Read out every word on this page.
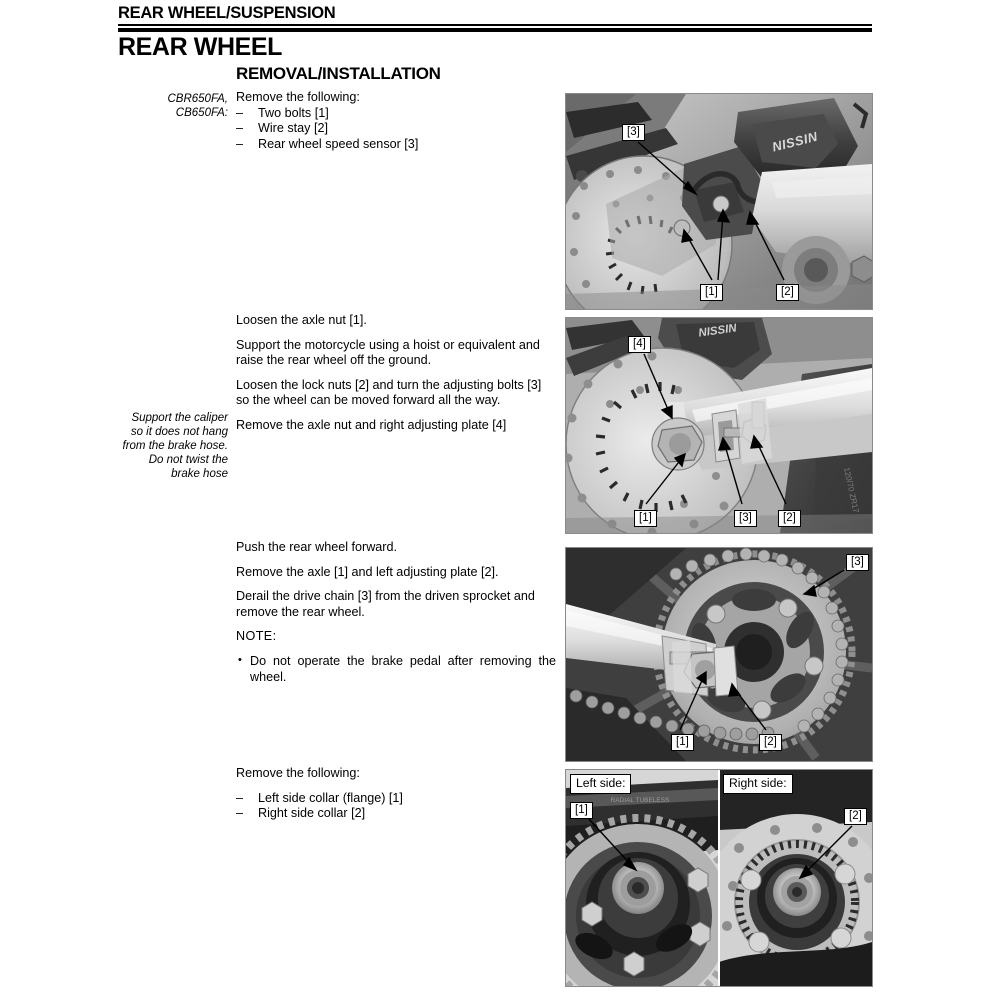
REAR WHEEL/SUSPENSION
REAR WHEEL
REMOVAL/INSTALLATION
CBR650FA,
CB650FA:

Remove the following:

– Two bolts [1]
– Wire stay [2]
– Rear wheel speed sensor [3]
Support the caliper so it does not hang from the brake hose. Do not twist the brake hose

Loosen the axle nut [1].

Support the motorcycle using a hoist or equivalent and raise the rear wheel off the ground.

Loosen the lock nuts [2] and turn the adjusting bolts [3] so the wheel can be moved forward all the way.

Remove the axle nut and right adjusting plate [4]

Push the rear wheel forward.

Remove the axle [1] and left adjusting plate [2].

Derail the drive chain [3] from the driven sprocket and remove the rear wheel.

NOTE:

• Do not operate the brake pedal after removing the wheel.

Remove the following:

– Left side collar (flange) [1]
– Right side collar [2]
NISSIN
[3]
[1]	[2]
NISSIN
120/70 ZR17
[4]
[1]	[3]	[2]
[3]
[1]	[2]
RADIAL TUBELESS
Left side:	Right side:
[1]	[2]
